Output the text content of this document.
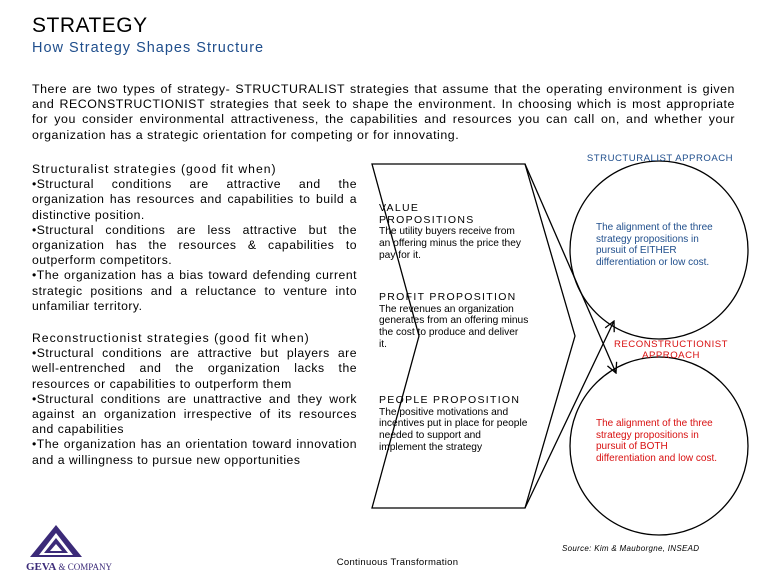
STRATEGY
How Strategy Shapes Structure
There are two types of strategy- STRUCTURALIST strategies that assume that the operating environment is given and RECONSTRUCTIONIST strategies that seek to shape the environment. In choosing which is most appropriate for you consider environmental attractiveness, the capabilities and resources you can call on, and whether your organization has a strategic orientation for competing or for innovating.

Structuralist strategies (good fit when)

•Structural conditions are attractive and the organization has resources and capabilities to build a distinctive position.

•Structural conditions are less attractive but the organization has the resources & capabilities to outperform competitors.

•The organization has a bias toward defending current strategic positions and a reluctance to venture into unfamiliar territory.

Reconstructionist strategies (good fit when)

•Structural conditions are attractive but players are well-entrenched and the organization lacks the resources or capabilities to outperform them

•Structural conditions are unattractive and they work against an organization irrespective of its resources and capabilities

•The organization has an orientation toward innovation and a willingness to pursue new opportunities

VALUE PROPOSITIONS
The utility buyers receive from an offering minus the price they pay for it.
PROFIT PROPOSITION
The revenues an organization generates from an offering minus the cost to produce and deliver it.
PEOPLE PROPOSITION
The positive motivations and incentives put in place for people needed to support and implement the strategy
STRUCTURALIST APPROACH
RECONSTRUCTIONIST APPROACH
The alignment of the three strategy propositions in pursuit of EITHER differentiation or low cost.
The alignment of the three strategy propositions in pursuit of BOTH differentiation and low cost.
Source: Kim & Mauborgne, INSEAD
Continuous Transformation
GEVA & COMPANY
